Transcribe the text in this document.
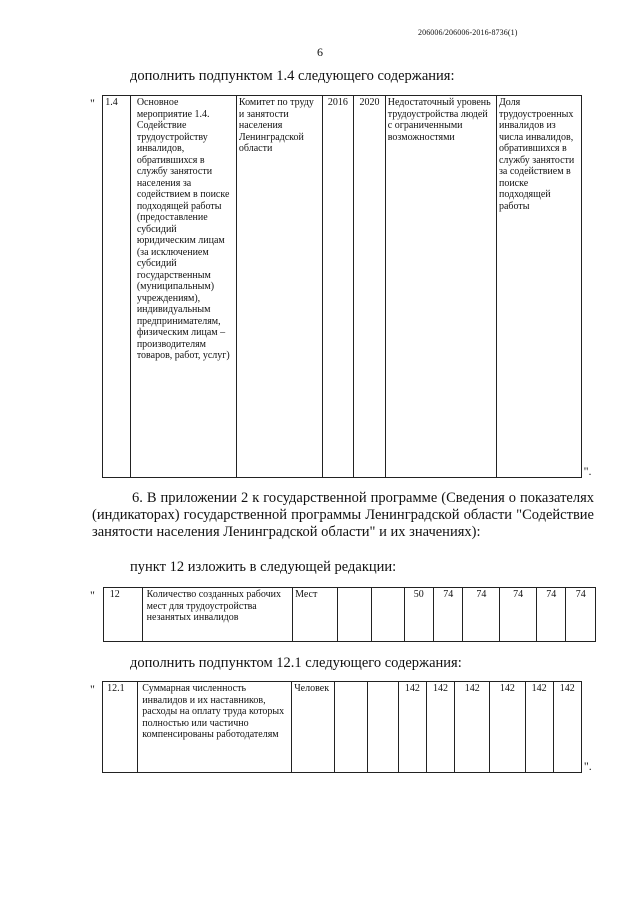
206006/206006-2016-8736(1)
6
дополнить подпунктом 1.4 следующего содержания:
"	1.4	Основное мероприятие 1.4. Содействие трудоустройству инвалидов, обратившихся в службу занятости населения за содействием в поиске подходящей работы (предоставление субсидий юридическим лицам (за исключением субсидий государственным (муниципальным) учреждениям), индивидуальным предпринимателям, физическим лицам – производителям товаров, работ, услуг)	Комитет по труду и занятости населения Ленинградской области	2016	2020	Недостаточный уровень трудоустройства людей с ограниченными возможностями	Доля трудоустроенных инвалидов из числа инвалидов, обратившихся в службу занятости за содействием в поиске подходящей работы	".
6. В приложении 2 к государственной программе (Сведения о показателях (индикаторах) государственной программы Ленинградской области "Содействие занятости населения Ленинградской области" и их значениях):
пункт 12 изложить в следующей редакции:
"	12	Количество созданных рабочих мест для трудоустройства незанятых инвалидов	Мест			50	74	74	74	74	74
дополнить подпунктом 12.1 следующего содержания:
"	12.1	Суммарная численность инвалидов и их наставников, расходы на оплату труда которых полностью или частично компенсированы работодателям	Человек			142	142	142	142	142	142	".
